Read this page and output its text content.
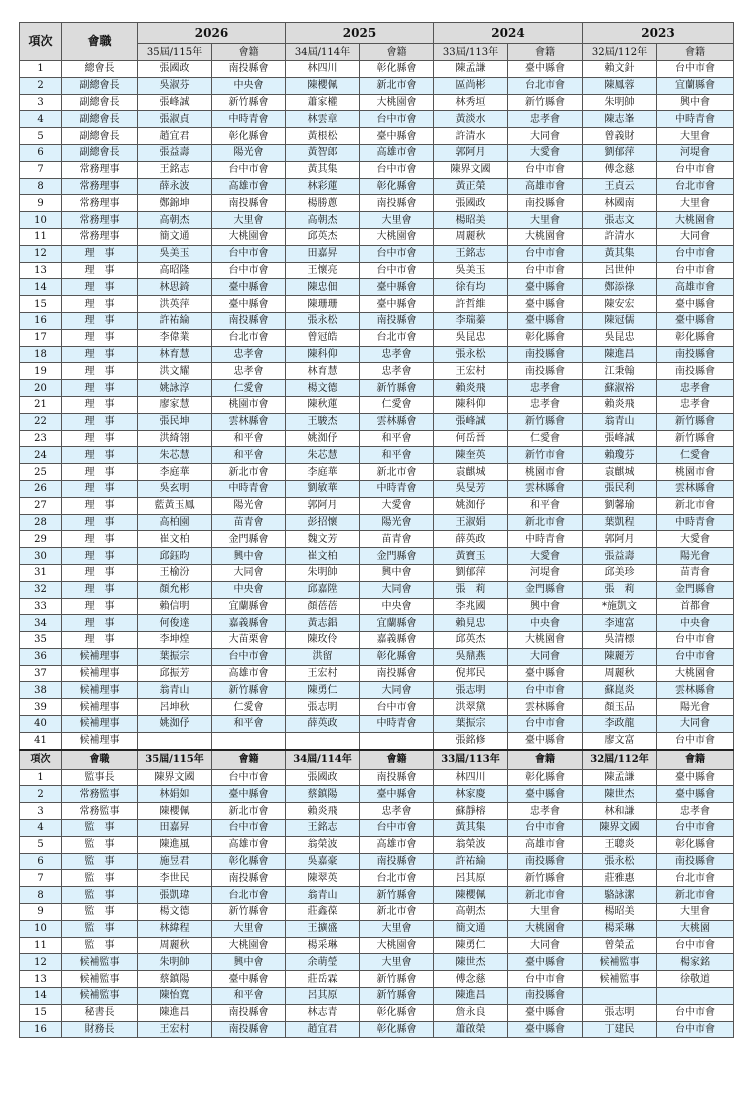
項次	會職	2026		2025		2024		2023	
		35屆/115年	會籍	34屆/114年	會籍	33屆/113年	會籍	32屆/112年	會籍
1	總會長	張國政	南投縣會	林四川	彰化縣會	陳孟謙	臺中縣會	賴文針	台中市會
2	副總會長	吳淑芬	中央會	陳櫻佩	新北市會	區尚彬	台北市會	陳鳳蓉	宜蘭縣會
3	副總會長	張峰誠	新竹縣會	蕭家權	大桃園會	林秀垣	新竹縣會	朱明帥	興中會
4	副總會長	張淑貞	中時青會	林雲章	台中市會	黃淡水	忠孝會	陳志峯	中時青會
5	副總會長	趙宜君	彰化縣會	黃根松	臺中縣會	許清水	大同會	曾義財	大里會
6	副總會長	張益壽	陽光會	黃智郎	高雄市會	郭阿月	大愛會	劉郁萍	河堤會
7	常務理事	王銘志	台中市會	黃其集	台中市會	陳界文國	台中市會	傅念慈	台中市會
8	常務理事	薛永波	高雄市會	林彩蓮	彰化縣會	黃正榮	高雄市會	王貞云	台北市會
9	常務理事	鄭錦坤	南投縣會	楊勝蔥	南投縣會	張國政	南投縣會	林國南	大里會
10	常務理事	高朝杰	大里會	高朝杰	大里會	楊昭美	大里會	張志文	大桃園會
11	常務理事	簡文通	大桃園會	邱英杰	大桃園會	周麗秋	大桃園會	許清水	大同會
12	理　事	吳美玉	台中市會	田嘉昇	台中市會	王銘志	台中市會	黃其集	台中市會
13	理　事	高昭隆	台中市會	王懷亮	台中市會	吳美玉	台中市會	呂世仲	台中市會
14	理　事	林思錡	臺中縣會	陳忠佃	臺中縣會	徐有均	臺中縣會	鄭添祿	高雄市會
15	理　事	洪英萍	臺中縣會	陳珊珊	臺中縣會	許哲維	臺中縣會	陳安宏	臺中縣會
16	理　事	許祐綸	南投縣會	張永松	南投縣會	李瑞蓁	臺中縣會	陳冠儒	臺中縣會
17	理　事	李偉業	台北市會	曾冠皓	台北市會	吳昆忠	彰化縣會	吳昆忠	彰化縣會
18	理　事	林育慧	忠孝會	陳科仰	忠孝會	張永松	南投縣會	陳進昌	南投縣會
19	理　事	洪文耀	忠孝會	林育慧	忠孝會	王宏村	南投縣會	江秉翰	南投縣會
20	理　事	姚詠淳	仁愛會	楊文德	新竹縣會	賴炎飛	忠孝會	蘇淑裕	忠孝會
21	理　事	廖家慧	桃園市會	陳秋蓮	仁愛會	陳科仰	忠孝會	賴炎飛	忠孝會
22	理　事	張民坤	雲林縣會	王駿杰	雲林縣會	張峰誠	新竹縣會	翁青山	新竹縣會
23	理　事	洪綺翎	和平會	姚洳伃	和平會	何岳晉	仁愛會	張峰誠	新竹縣會
24	理　事	朱芯慧	和平會	朱芯慧	和平會	陳奎英	新竹市會	賴瓊芬	仁愛會
25	理　事	李庭華	新北市會	李庭華	新北市會	袁麒城	桃園市會	袁麒城	桃園市會
26	理　事	吳玄明	中時青會	劉敏華	中時青會	吳旻芳	雲林縣會	張民利	雲林縣會
27	理　事	藍黃玉鳳	陽光會	郭阿月	大愛會	姚洳伃	和平會	劉馨瑜	新北市會
28	理　事	高柏園	苗青會	彭招懷	陽光會	王淑娟	新北市會	葉凱程	中時青會
29	理　事	崔文柏	金門縣會	魏文芳	苗青會	薛英政	中時青會	郭阿月	大愛會
30	理　事	邱鈺昀	興中會	崔文柏	金門縣會	黃寶玉	大愛會	張益壽	陽光會
31	理　事	王榆汾	大同會	朱明帥	興中會	劉郁萍	河堤會	邱美珍	苗青會
32	理　事	顏允彬	中央會	邱嘉陞	大同會	張　莉	金門縣會	張　莉	金門縣會
33	理　事	賴信明	宜蘭縣會	顏蓓蓓	中央會	李兆國	興中會	*施凱文	首都會
34	理　事	何俊達	嘉義縣會	黃志錩	宜蘭縣會	賴見忠	中央會	李連富	中央會
35	理　事	李坤煌	大苗栗會	陳玫伶	嘉義縣會	邱英杰	大桃園會	吳清標	台中市會
36	候補理事	葉振宗	台中市會	洪留	彰化縣會	吳鼎燕	大同會	陳麗芳	台中市會
37	候補理事	邱振芳	高雄市會	王宏村	南投縣會	倪邦民	臺中縣會	周麗秋	大桃園會
38	候補理事	翁青山	新竹縣會	陳勇仁	大同會	張志明	台中市會	蘇崑炎	雲林縣會
39	候補理事	呂坤秋	仁愛會	張志明	台中市會	洪翠黛	雲林縣會	顏玉品	陽光會
40	候補理事	姚洳伃	和平會	薛英政	中時青會	葉振宗	台中市會	李政龍	大同會
41	候補理事					張銘修	臺中縣會	廖文富	台中市會
項次	會職	35屆/115年	會籍	34屆/114年	會籍	33屆/113年	會籍	32屆/112年	會籍
1	監事長	陳界文國	台中市會	張國政	南投縣會	林四川	彰化縣會	陳孟謙	臺中縣會
2	常務監事	林娟如	臺中縣會	蔡鎮陽	臺中縣會	林家慶	臺中縣會	陳世杰	臺中縣會
3	常務監事	陳櫻佩	新北市會	賴炎飛	忠孝會	蘇靜榕	忠孝會	林和謙	忠孝會
4	監　事	田嘉昇	台中市會	王銘志	台中市會	黃其集	台中市會	陳界文國	台中市會
5	監　事	陳進風	高雄市會	翁榮波	高雄市會	翁榮波	高雄市會	王聰炎	彰化縣會
6	監　事	施昱君	彰化縣會	吳嘉豪	南投縣會	許祐綸	南投縣會	張永松	南投縣會
7	監　事	李世民	南投縣會	陳翠英	台北市會	呂其原	新竹縣會	莊雅惠	台北市會
8	監　事	張凱瑋	台北市會	翁青山	新竹縣會	陳櫻佩	新北市會	駱詠潔	新北市會
9	監　事	楊文德	新竹縣會	莊鑫葆	新北市會	高朝杰	大里會	楊昭美	大里會
10	監　事	林緯程	大里會	王擴盛	大里會	簡文通	大桃園會	楊采琳	大桃園
11	監　事	周麗秋	大桃園會	楊采琳	大桃園會	陳勇仁	大同會	曾榮孟	台中市會
12	候補監事	朱明帥	興中會	余萌瑩	大里會	陳世杰	臺中縣會	候補監事	楊家銘
13	候補監事	蔡鎮陽	臺中縣會	莊岳霖	新竹縣會	傅念慈	台中市會	候補監事	徐敬道
14	候補監事	陳怡寬	和平會	呂其原	新竹縣會	陳進昌	南投縣會		
15	秘書長	陳進昌	南投縣會	林志青	彰化縣會	詹永良	臺中縣會	張志明	台中市會
16	財務長	王宏村	南投縣會	趙宜君	彰化縣會	蕭啟榮	臺中縣會	丁建民	台中市會
